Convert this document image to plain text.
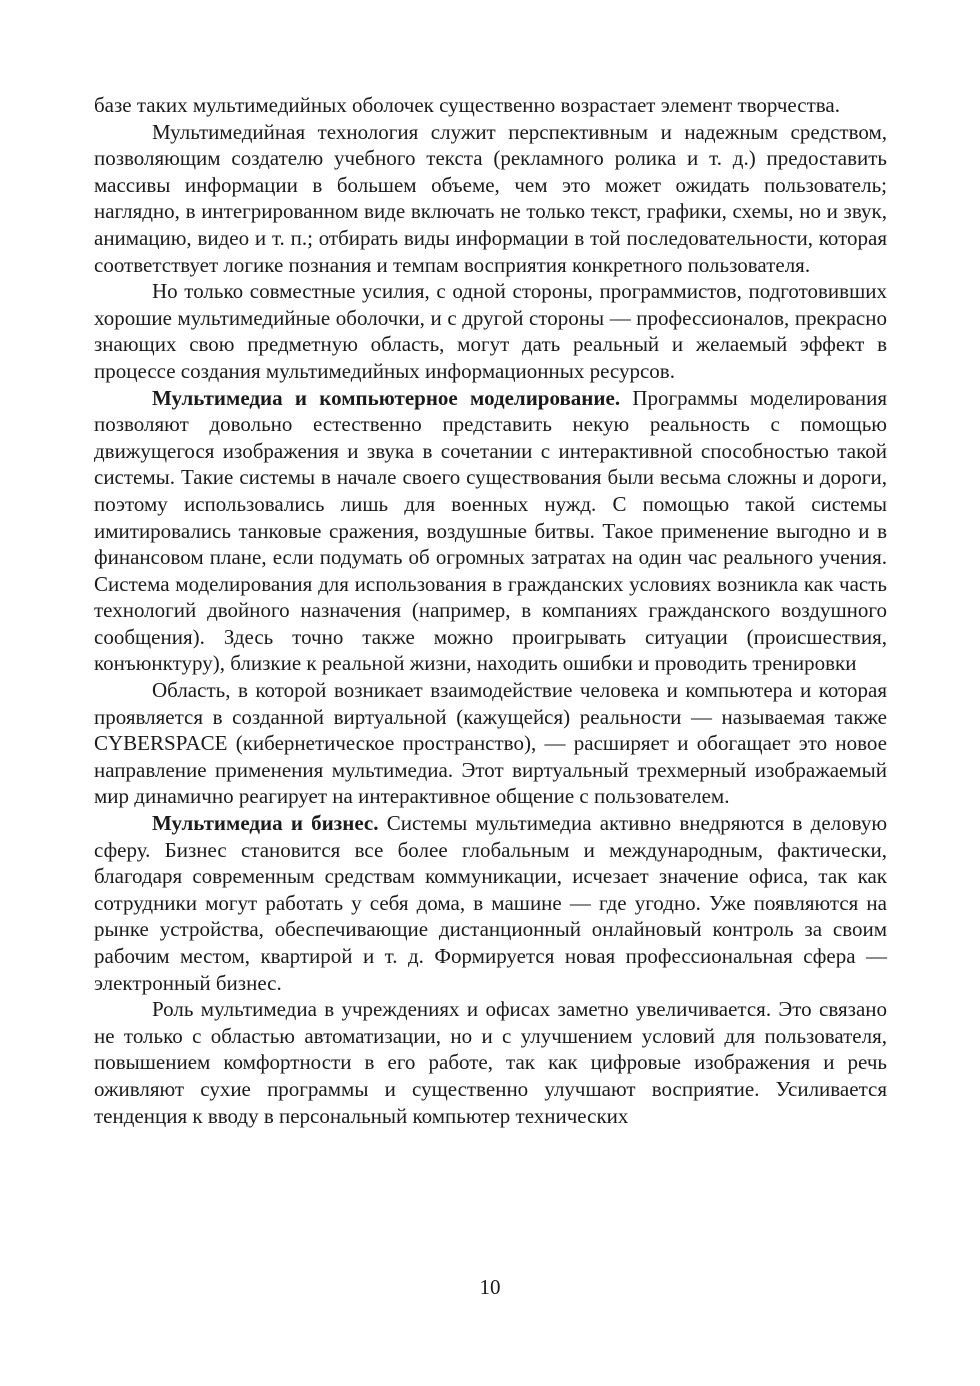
базе таких мультимедийных оболочек существенно возрастает элемент творчества.

Мультимедийная технология служит перспективным и надежным средством, позволяющим создателю учебного текста (рекламного ролика и т. д.) предоставить массивы информации в большем объеме, чем это может ожидать пользователь; наглядно, в интегрированном виде включать не только текст, графики, схемы, но и звук, анимацию, видео и т. п.; отбирать виды информации в той последовательности, которая соответствует логике познания и темпам восприятия конкретного пользователя.

Но только совместные усилия, с одной стороны, программистов, подготовивших хорошие мультимедийные оболочки, и с другой стороны — профессионалов, прекрасно знающих свою предметную область, могут дать реальный и желаемый эффект в процессе создания мультимедийных информационных ресурсов.

Мультимедиа и компьютерное моделирование. Программы моделирования позволяют довольно естественно представить некую реальность с помощью движущегося изображения и звука в сочетании с интерактивной способностью такой системы. Такие системы в начале своего существования были весьма сложны и дороги, поэтому использовались лишь для военных нужд. С помощью такой системы имитировались танковые сражения, воздушные битвы. Такое применение выгодно и в финансовом плане, если подумать об огромных затратах на один час реального учения. Система моделирования для использования в гражданских условиях возникла как часть технологий двойного назначения (например, в компаниях гражданского воздушного сообщения). Здесь точно также можно проигрывать ситуации (происшествия, конъюнктуру), близкие к реальной жизни, находить ошибки и проводить тренировки

Область, в которой возникает взаимодействие человека и компьютера и которая проявляется в созданной виртуальной (кажущейся) реальности — называемая также CYBERSPACE (кибернетическое пространство), — расширяет и обогащает это новое направление применения мультимедиа. Этот виртуальный трехмерный изображаемый мир динамично реагирует на интерактивное общение с пользователем.

Мультимедиа и бизнес. Системы мультимедиа активно внедряются в деловую сферу. Бизнес становится все более глобальным и международным, фактически, благодаря современным средствам коммуникации, исчезает значение офиса, так как сотрудники могут работать у себя дома, в машине — где угодно. Уже появляются на рынке устройства, обеспечивающие дистанционный онлайновый контроль за своим рабочим местом, квартирой и т. д. Формируется новая профессиональная сфера — электронный бизнес.

Роль мультимедиа в учреждениях и офисах заметно увеличивается. Это связано не только с областью автоматизации, но и с улучшением условий для пользователя, повышением комфортности в его работе, так как цифровые изображения и речь оживляют сухие программы и существенно улучшают восприятие. Усиливается тенденция к вводу в персональный компьютер технических

10
